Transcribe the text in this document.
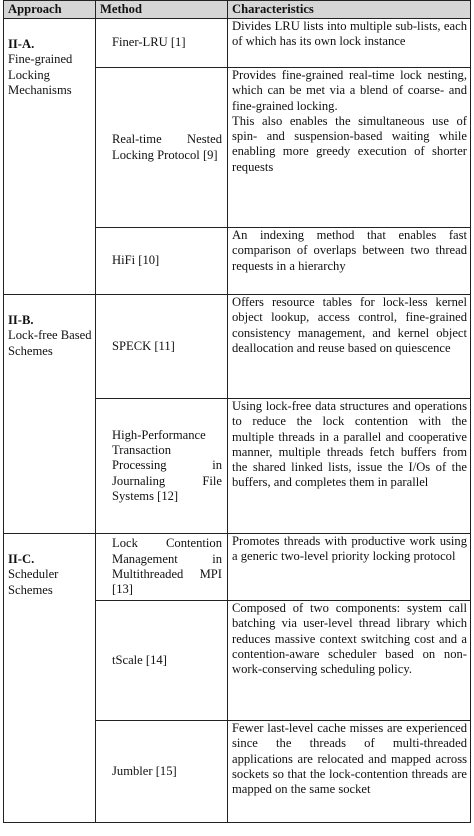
Approach	Method	Characteristics

II-A.
Fine-grained Locking Mechanisms	Finer-LRU [1]	Divides LRU lists into multiple sub-lists, each of which has its own lock instance

	Real-time Nested Locking Protocol [9]	Provides fine-grained real-time lock nesting, which can be met via a blend of coarse- and fine-grained locking.
This also enables the simultaneous use of spin- and suspension-based waiting while enabling more greedy execution of shorter requests

	HiFi [10]	An indexing method that enables fast comparison of overlaps between two thread requests in a hierarchy

II-B.
Lock-free Based Schemes	SPECK [11]	Offers resource tables for lock-less kernel object lookup, access control, fine-grained consistency management, and kernel object deallocation and reuse based on quiescence

	High-Performance Transaction Processing in Journaling File Systems [12]	Using lock-free data structures and operations to reduce the lock contention with the multiple threads in a parallel and cooperative manner, multiple threads fetch buffers from the shared linked lists, issue the I/Os of the buffers, and completes them in parallel

II-C.
Scheduler Schemes	Lock Contention Management in Multithreaded MPI [13]	Promotes threads with productive work using a generic two-level priority locking protocol

	tScale [14]	Composed of two components: system call batching via user-level thread library which reduces massive context switching cost and a contention-aware scheduler based on non-work-conserving scheduling policy.

	Jumbler [15]	Fewer last-level cache misses are experienced since the threads of multi-threaded applications are relocated and mapped across sockets so that the lock-contention threads are mapped on the same socket
